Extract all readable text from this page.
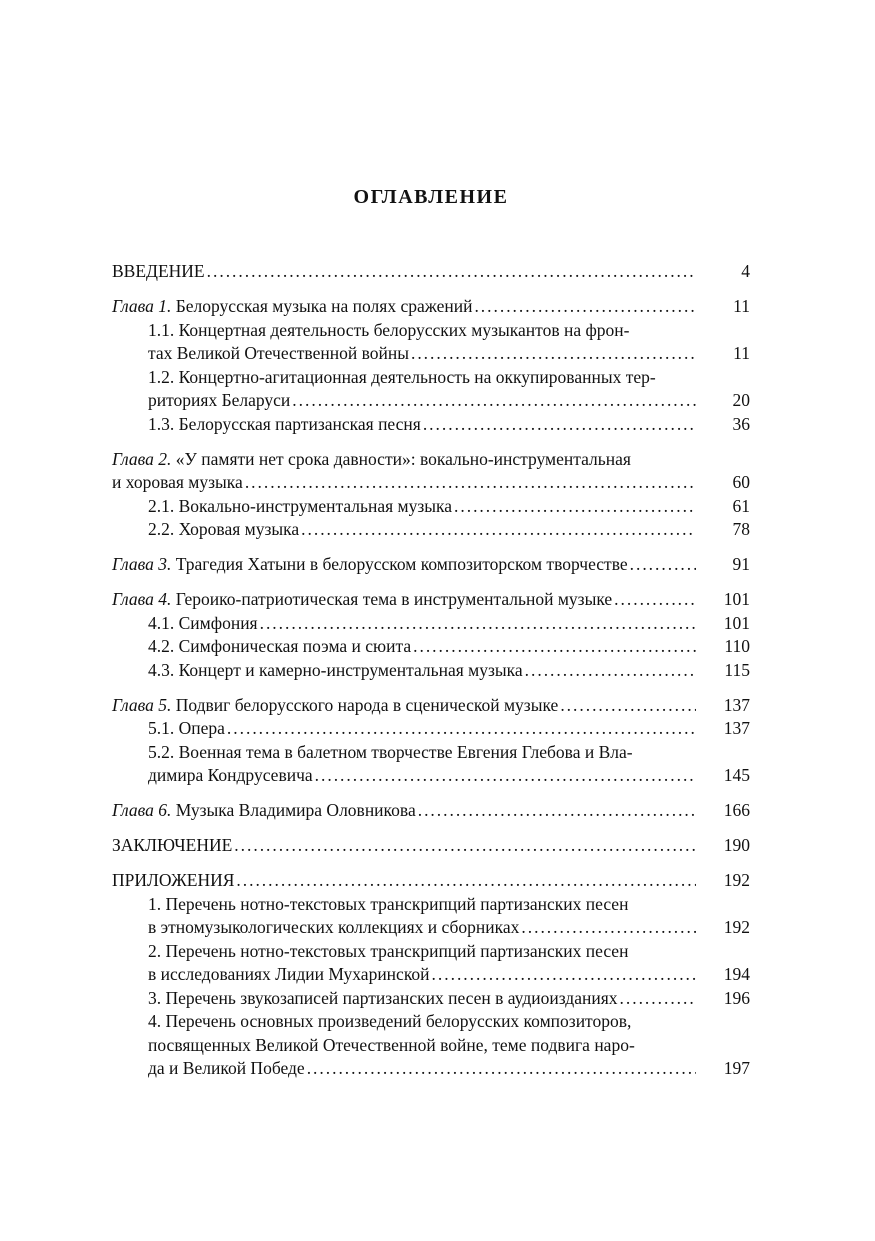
ОГЛАВЛЕНИЕ
ВВЕДЕНИЕ . . .	4
Глава 1. Белорусская музыка на полях сражений . . .	11
1.1. Концертная деятельность белорусских музыкантов на фрон-
тах Великой Отечественной войны . . .	11
1.2. Концертно-агитационная деятельность на оккупированных тер-
риториях Беларуси . . .	20
1.3. Белорусская партизанская песня . . .	36
Глава 2. «У памяти нет срока давности»: вокально-инструментальная
и хоровая музыка . . .	60
2.1. Вокально-инструментальная музыка . . .	61
2.2. Хоровая музыка . . .	78
Глава 3. Трагедия Хатыни в белорусском композиторском творчестве . . .	91
Глава 4. Героико-патриотическая тема в инструментальной музыке . . .	101
4.1. Симфония . . .	101
4.2. Симфоническая поэма и сюита . . .	110
4.3. Концерт и камерно-инструментальная музыка . . .	115
Глава 5. Подвиг белорусского народа в сценической музыке . . .	137
5.1. Опера . . .	137
5.2. Военная тема в балетном творчестве Евгения Глебова и Вла-
димира Кондрусевича . . .	145
Глава 6. Музыка Владимира Оловникова . . .	166
ЗАКЛЮЧЕНИЕ . . .	190
ПРИЛОЖЕНИЯ . . .	192
1. Перечень нотно-текстовых транскрипций партизанских песен
в этномузыкологических коллекциях и сборниках . . .	192
2. Перечень нотно-текстовых транскрипций партизанских песен
в исследованиях Лидии Мухаринской . . .	194
3. Перечень звукозаписей партизанских песен в аудиоизданиях . . .	196
4. Перечень основных произведений белорусских композиторов,
посвященных Великой Отечественной войне, теме подвига наро-
да и Великой Победе . . .	197
